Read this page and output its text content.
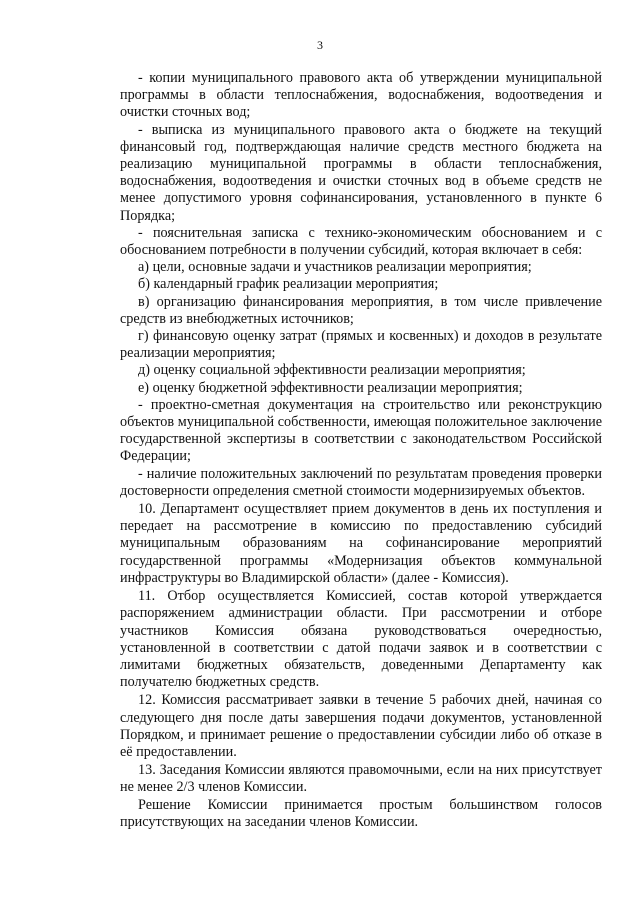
3

- копии муниципального правового акта об утверждении муниципальной программы в области теплоснабжения, водоснабжения, водоотведения и очистки сточных вод;

- выписка из муниципального правового акта о бюджете на текущий финансовый год, подтверждающая наличие средств местного бюджета на реализацию муниципальной программы в области теплоснабжения, водоснабжения, водоотведения и очистки сточных вод в объеме средств не менее допустимого уровня софинансирования, установленного в пункте 6 Порядка;

- пояснительная записка с технико-экономическим обоснованием и с обоснованием потребности в получении субсидий, которая включает в себя:

а) цели, основные задачи и участников реализации мероприятия;

б) календарный график реализации мероприятия;

в) организацию финансирования мероприятия, в том числе привлечение средств из внебюджетных источников;

г) финансовую оценку затрат (прямых и косвенных) и доходов в результате реализации мероприятия;

д) оценку социальной эффективности реализации мероприятия;

е) оценку бюджетной эффективности реализации мероприятия;

- проектно-сметная документация на строительство или реконструкцию объектов муниципальной собственности, имеющая положительное заключение государственной экспертизы в соответствии с законодательством Российской Федерации;

- наличие положительных заключений по результатам проведения проверки достоверности определения сметной стоимости модернизируемых объектов.

10. Департамент осуществляет прием документов в день их поступления и передает на рассмотрение в комиссию по предоставлению субсидий муниципальным образованиям на софинансирование мероприятий государственной программы «Модернизация объектов коммунальной инфраструктуры во Владимирской области» (далее - Комиссия).

11. Отбор осуществляется Комиссией, состав которой утверждается распоряжением администрации области. При рассмотрении и отборе участников Комиссия обязана руководствоваться очередностью, установленной в соответствии с датой подачи заявок и в соответствии с лимитами бюджетных обязательств, доведенными Департаменту как получателю бюджетных средств.

12. Комиссия рассматривает заявки в течение 5 рабочих дней, начиная со следующего дня после даты завершения подачи документов, установленной Порядком, и принимает решение о предоставлении субсидии либо об отказе в её предоставлении.

13. Заседания Комиссии являются правомочными, если на них присутствует не менее 2/3 членов Комиссии.

Решение Комиссии принимается простым большинством голосов присутствующих на заседании членов Комиссии.
